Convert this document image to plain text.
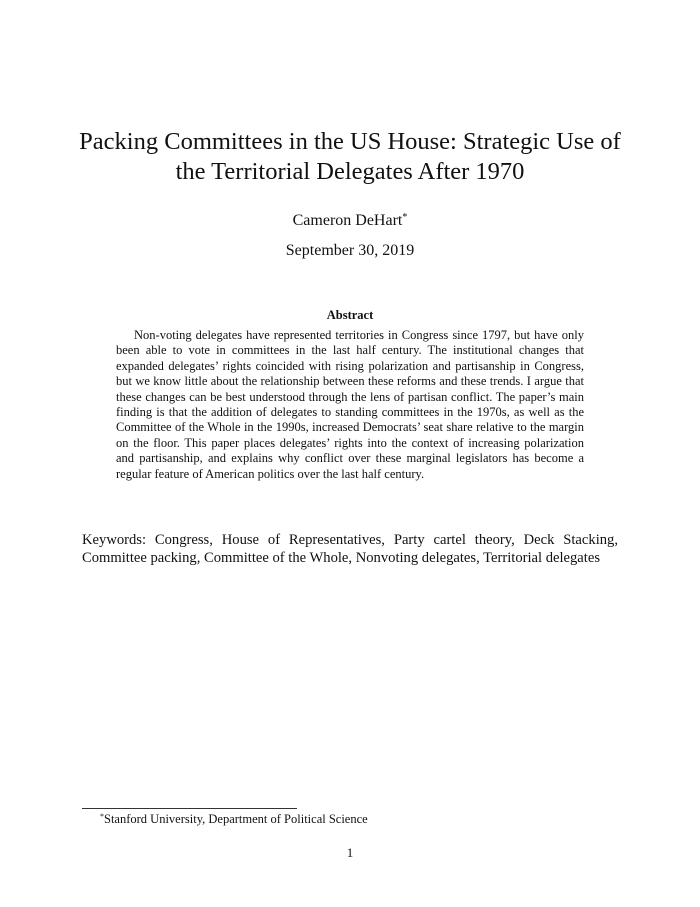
Packing Committees in the US House: Strategic Use of
the Territorial Delegates After 1970
Cameron DeHart*
September 30, 2019
Abstract

Non-voting delegates have represented territories in Congress since 1797, but have only been able to vote in committees in the last half century. The institutional changes that expanded delegates’ rights coincided with rising polarization and partisanship in Congress, but we know little about the relationship between these reforms and these trends. I argue that these changes can be best understood through the lens of partisan conflict. The paper’s main finding is that the addition of delegates to standing committees in the 1970s, as well as the Committee of the Whole in the 1990s, increased Democrats’ seat share relative to the margin on the floor. This paper places delegates’ rights into the context of increasing polarization and partisanship, and explains why conflict over these marginal legislators has become a regular feature of American politics over the last half century.

Keywords: Congress, House of Representatives, Party cartel theory, Deck Stacking, Committee packing, Committee of the Whole, Nonvoting delegates, Territorial delegates

*Stanford University, Department of Political Science
1
